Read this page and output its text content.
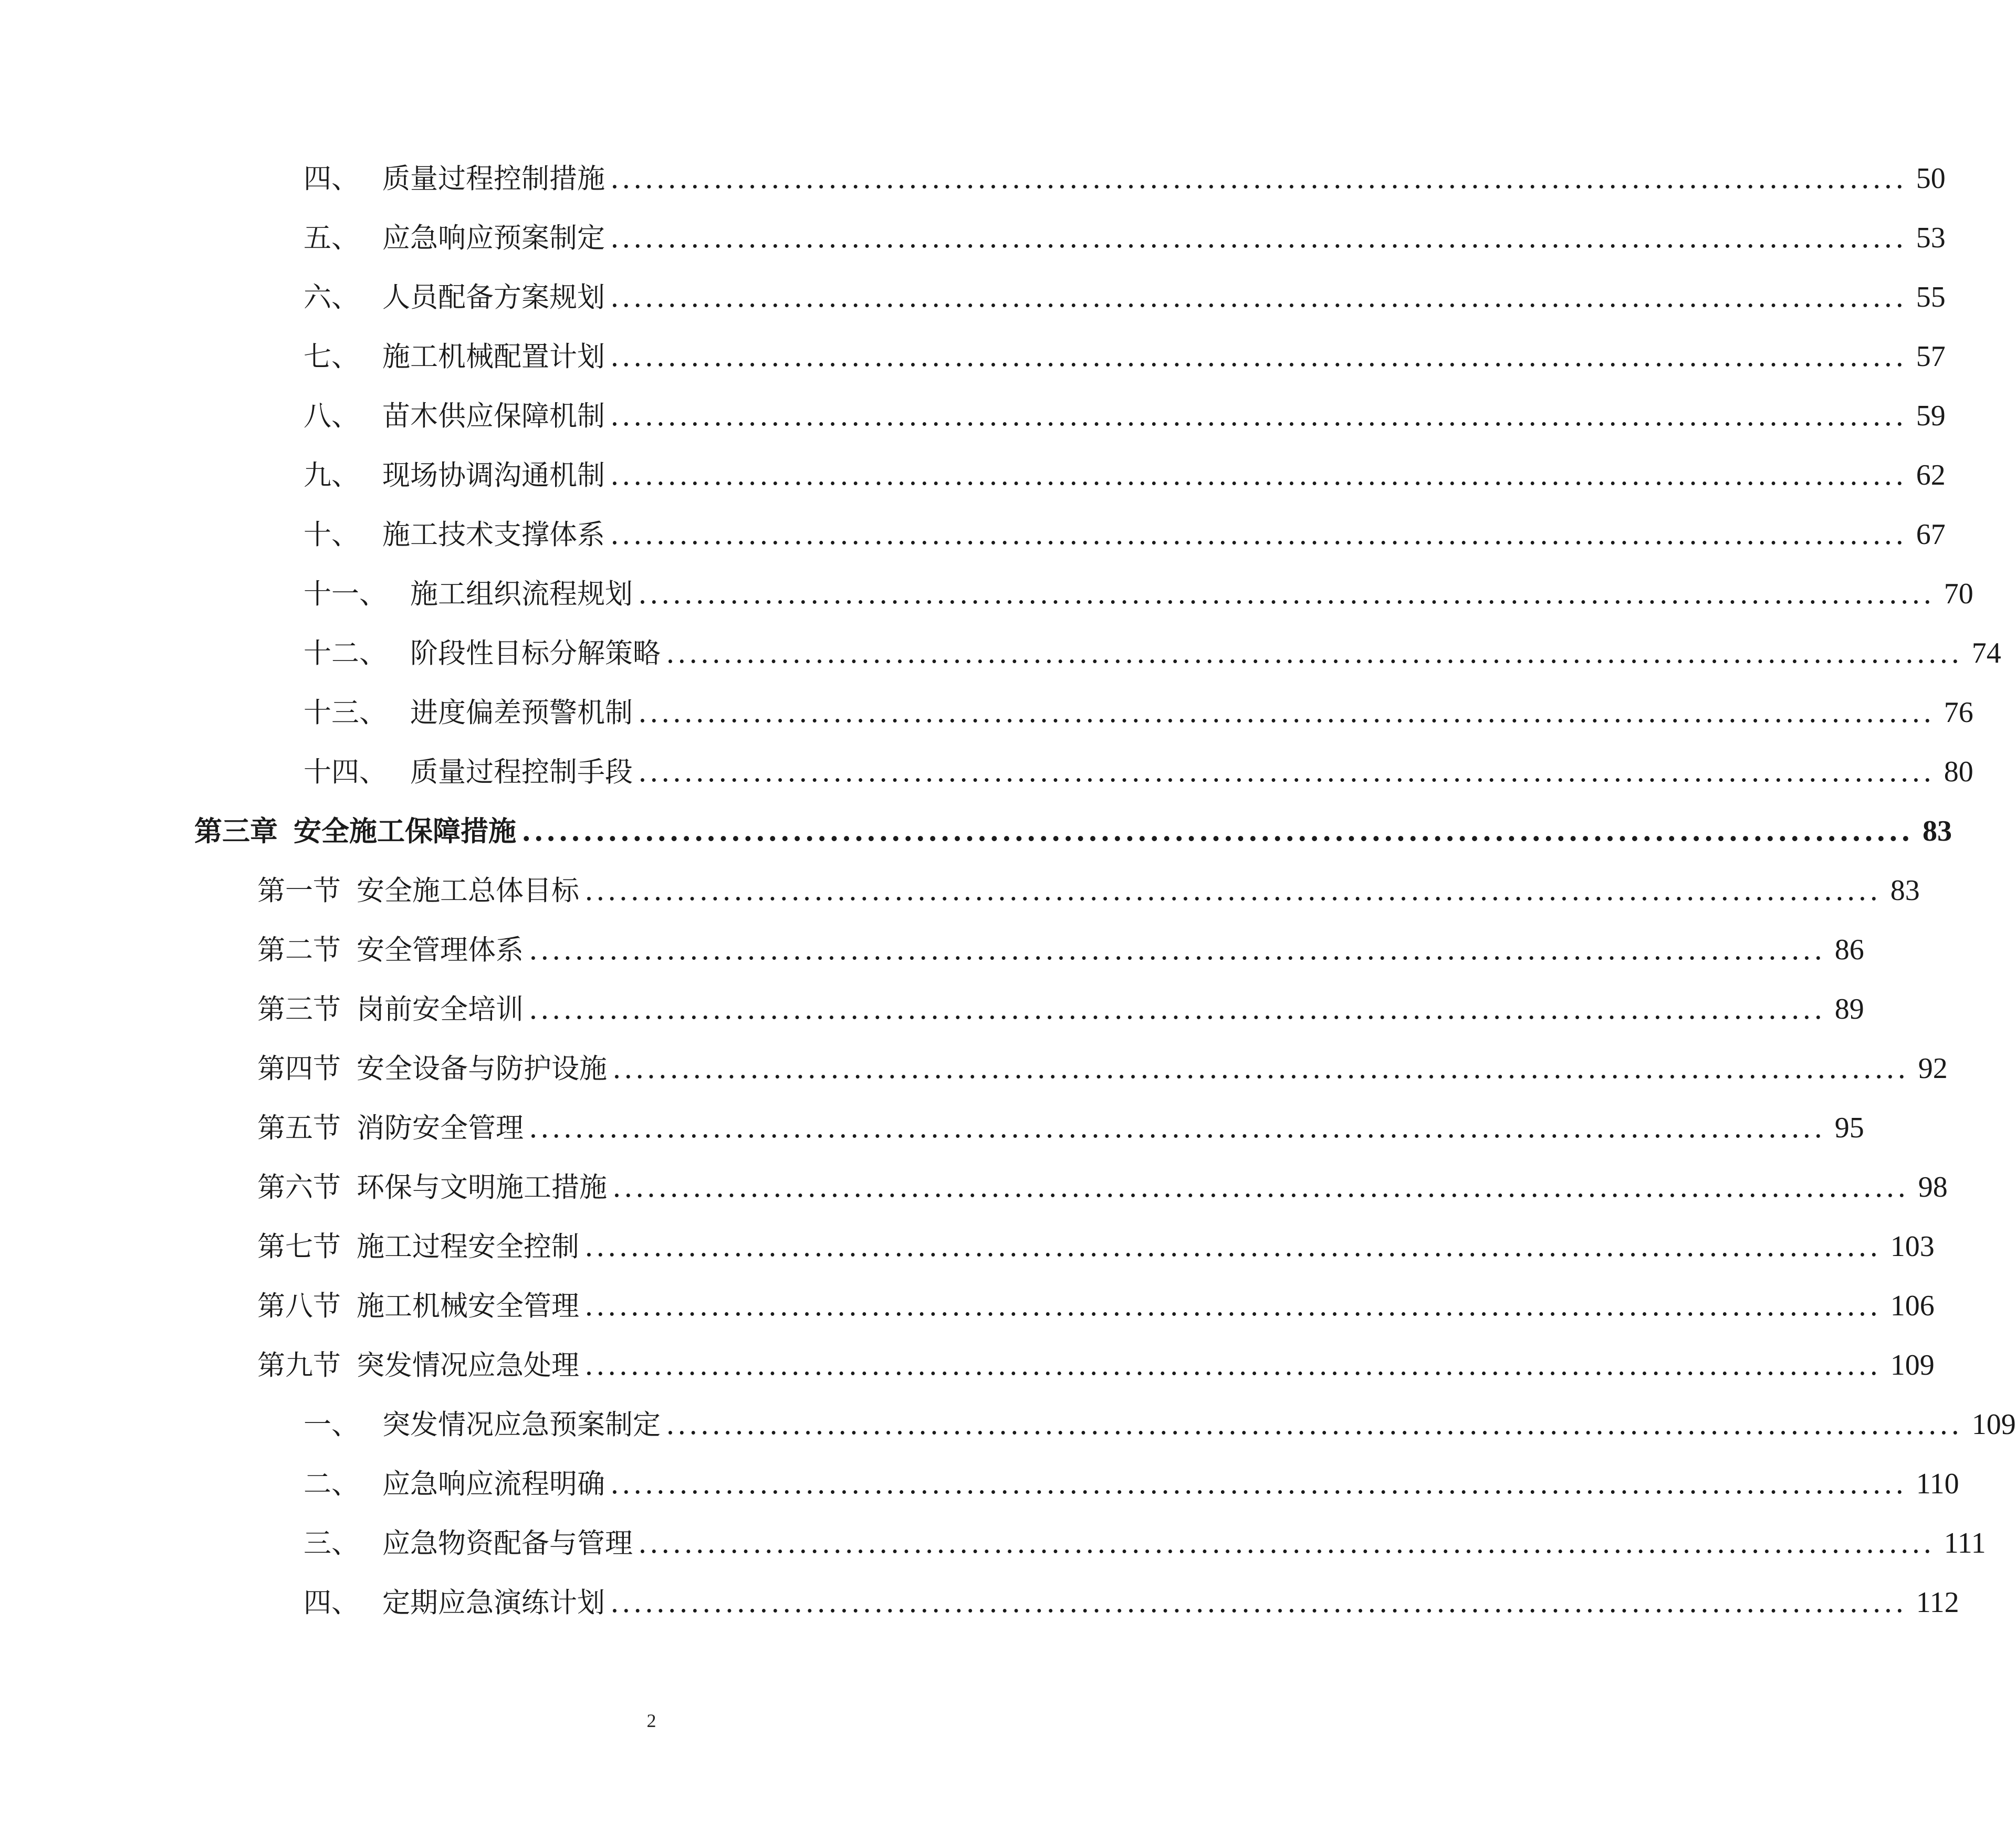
四、 质量过程控制措施 ................................................................................................................. 50
五、 应急响应预案制定 ................................................................................................................. 53
六、 人员配备方案规划 ................................................................................................................. 55
七、 施工机械配置计划 ................................................................................................................. 57
八、 苗木供应保障机制 ................................................................................................................. 59
九、 现场协调沟通机制 ................................................................................................................. 62
十、 施工技术支撑体系 ................................................................................................................. 67
十一、 施工组织流程规划 ................................................................................................................. 70
十二、 阶段性目标分解策略 ................................................................................................................. 74
十三、 进度偏差预警机制 ................................................................................................................. 76
十四、 质量过程控制手段 ................................................................................................................. 80
第三章 安全施工保障措施 ................................................................................................................. 83
第一节 安全施工总体目标 ................................................................................................................. 83
第二节 安全管理体系 ................................................................................................................. 86
第三节 岗前安全培训 ................................................................................................................. 89
第四节 安全设备与防护设施 ................................................................................................................. 92
第五节 消防安全管理 ................................................................................................................. 95
第六节 环保与文明施工措施 ................................................................................................................. 98
第七节 施工过程安全控制 ................................................................................................................. 103
第八节 施工机械安全管理 ................................................................................................................. 106
第九节 突发情况应急处理 ................................................................................................................. 109
一、 突发情况应急预案制定 ................................................................................................................. 109
二、 应急响应流程明确 ................................................................................................................. 110
三、 应急物资配备与管理 ................................................................................................................. 111
四、 定期应急演练计划 ................................................................................................................. 112
2
